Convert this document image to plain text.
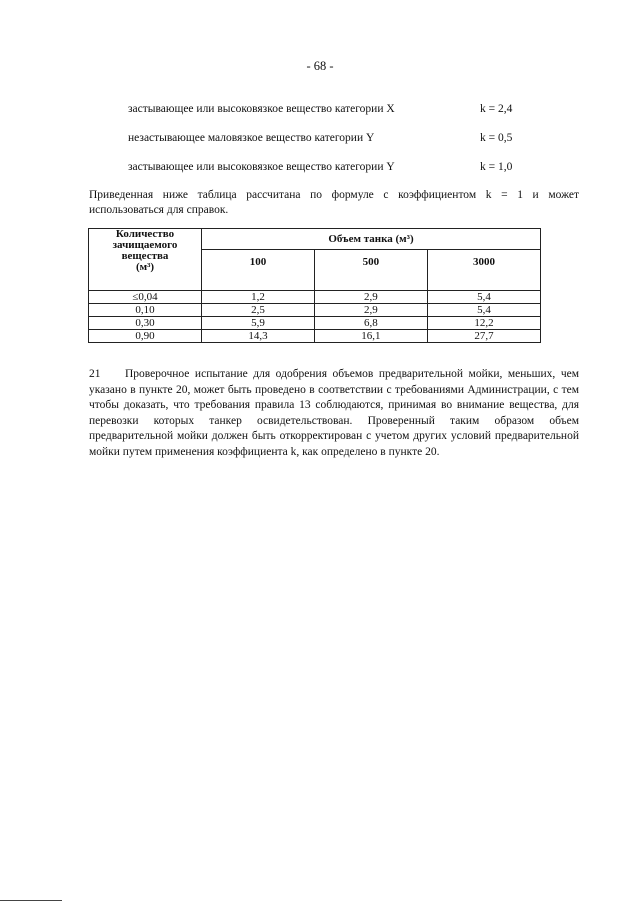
- 68 -
застывающее или высоковязкое вещество категории X	k = 2,4
незастывающее маловязкое вещество категории Y	k = 0,5
застывающее или высоковязкое вещество категории Y	k = 1,0
Приведенная ниже таблица рассчитана по формуле с коэффициентом k = 1 и может
использоваться для справок.
Количество
зачищаемого
вещества
(м³)	Объем танка (м³)		
	100	500	3000
≤0,04	1,2	2,9	5,4
0,10	2,5	2,9	5,4
0,30	5,9	6,8	12,2
0,90	14,3	16,1	27,7
21 Проверочное испытание для одобрения объемов предварительной мойки, меньших, чем указано в пункте 20, может быть проведено в соответствии с требованиями Администрации, с тем чтобы доказать, что требования правила 13 соблюдаются, принимая во внимание вещества, для перевозки которых танкер освидетельствован. Проверенный таким образом объем предварительной мойки должен быть откорректирован с учетом других условий предварительной мойки путем применения коэффициента k, как определено в пункте 20.
